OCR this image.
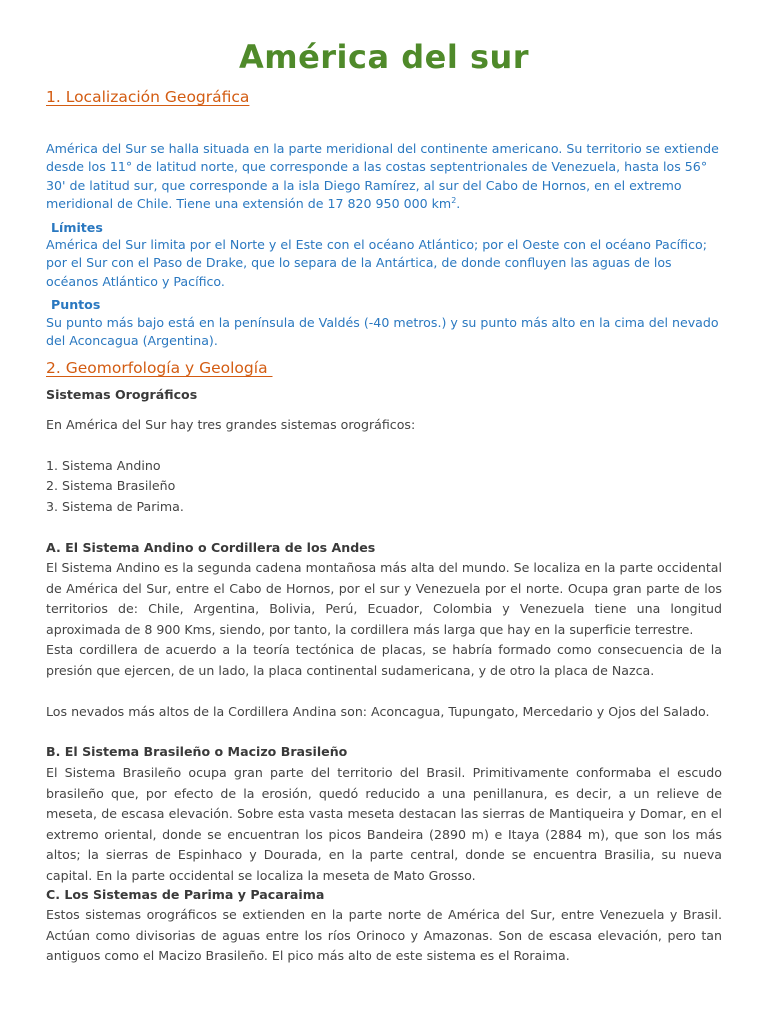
América del sur
1. Localización Geográfica
América del Sur se halla situada en la parte meridional del continente americano. Su territorio se extiende desde los 11° de latitud norte, que corresponde a las costas septentrionales de Venezuela, hasta los 56° 30' de latitud sur, que corresponde a la isla Diego Ramírez, al sur del Cabo de Hornos, en el extremo meridional de Chile. Tiene una extensión de 17 820 950 000 $km^2$.
Límites
América del Sur limita por el Norte y el Este con el océano Atlántico; por el Oeste con el océano Pacífico; por el Sur con el Paso de Drake, que lo separa de la Antártica, de donde confluyen las aguas de los océanos Atlántico y Pacífico.
Puntos
Su punto más bajo está en la península de Valdés (-40 metros.) y su punto más alto en la cima del nevado del Aconcagua (Argentina).
2. Geomorfología y Geología
Sistemas Orográficos
En América del Sur hay tres grandes sistemas orográficos:
1. Sistema Andino
2. Sistema Brasileño
3. Sistema de Parima.
A. El Sistema Andino o Cordillera de los Andes
El Sistema Andino es la segunda cadena montañosa más alta del mundo. Se localiza en la parte occidental de América del Sur, entre el Cabo de Hornos, por el sur y Venezuela por el norte. Ocupa gran parte de los territorios de: Chile, Argentina, Bolivia, Perú, Ecuador, Colombia y Venezuela tiene una longitud aproximada de 8 900 Kms, siendo, por tanto, la cordillera más larga que hay en la superficie terrestre.
Esta cordillera de acuerdo a la teoría tectónica de placas, se habría formado como consecuencia de la presión que ejercen, de un lado, la placa continental sudamericana, y de otro la placa de Nazca.
Los nevados más altos de la Cordillera Andina son: Aconcagua, Tupungato, Mercedario y Ojos del Salado.
B. El Sistema Brasileño o Macizo Brasileño
El Sistema Brasileño ocupa gran parte del territorio del Brasil. Primitivamente conformaba el escudo brasileño que, por efecto de la erosión, quedó reducido a una penillanura, es decir, a un relieve de meseta, de escasa elevación. Sobre esta vasta meseta destacan las sierras de Mantiqueira y Domar, en el extremo oriental, donde se encuentran los picos Bandeira (2890 m) e Itaya (2884 m), que son los más altos; la sierras de Espinhaco y Dourada, en la parte central, donde se encuentra Brasilia, su nueva capital. En la parte occidental se localiza la meseta de Mato Grosso.
C. Los Sistemas de Parima y Pacaraima
Estos sistemas orográficos se extienden en la parte norte de América del Sur, entre Venezuela y Brasil. Actúan como divisorias de aguas entre los ríos Orinoco y Amazonas. Son de escasa elevación, pero tan antiguos como el Macizo Brasileño. El pico más alto de este sistema es el Roraima.
